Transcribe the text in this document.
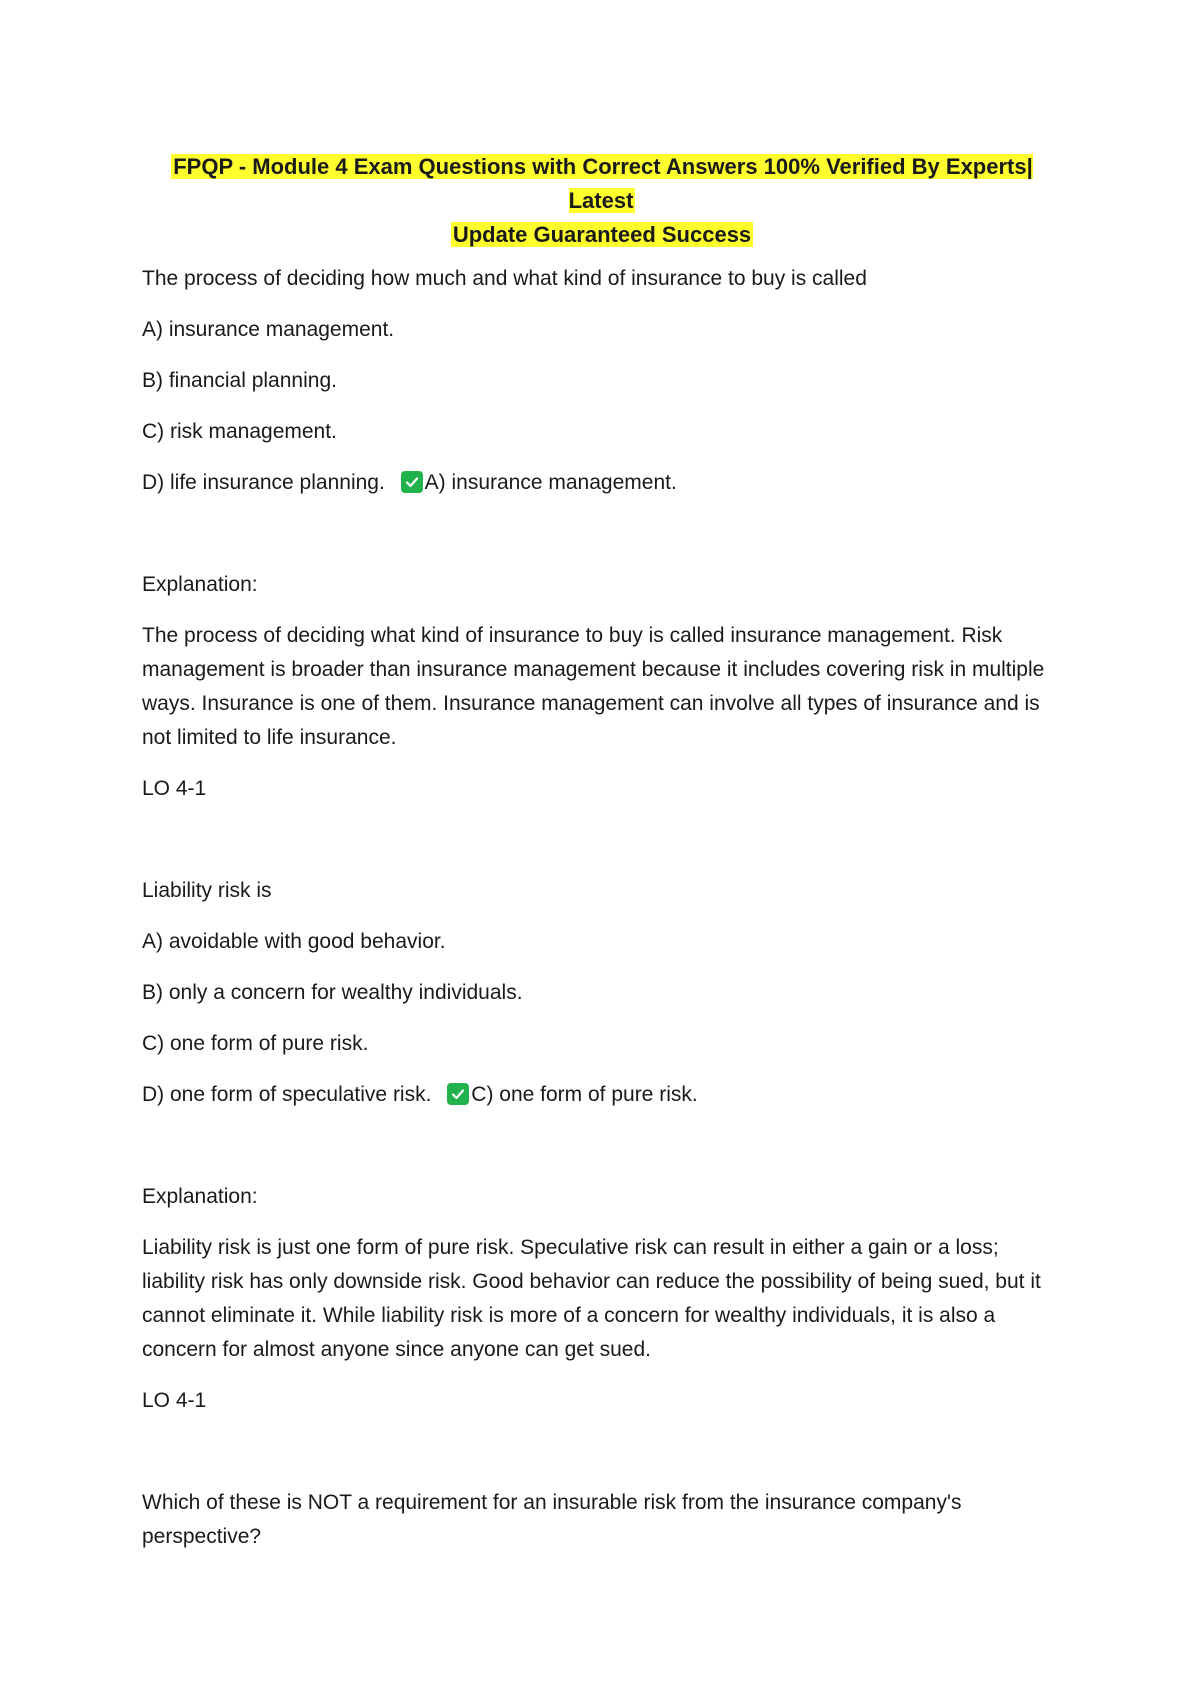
FPQP - Module 4 Exam Questions with Correct Answers 100% Verified By Experts| Latest
Update Guaranteed Success

The process of deciding how much and what kind of insurance to buy is called

A) insurance management.

B) financial planning.

C) risk management.

D) life insurance planning. A) insurance management.

Explanation:

The process of deciding what kind of insurance to buy is called insurance management. Risk management is broader than insurance management because it includes covering risk in multiple ways. Insurance is one of them. Insurance management can involve all types of insurance and is not limited to life insurance.

LO 4-1

Liability risk is

A) avoidable with good behavior.

B) only a concern for wealthy individuals.

C) one form of pure risk.

D) one form of speculative risk. C) one form of pure risk.

Explanation:

Liability risk is just one form of pure risk. Speculative risk can result in either a gain or a loss; liability risk has only downside risk. Good behavior can reduce the possibility of being sued, but it cannot eliminate it. While liability risk is more of a concern for wealthy individuals, it is also a concern for almost anyone since anyone can get sued.

LO 4-1

Which of these is NOT a requirement for an insurable risk from the insurance company's perspective?
